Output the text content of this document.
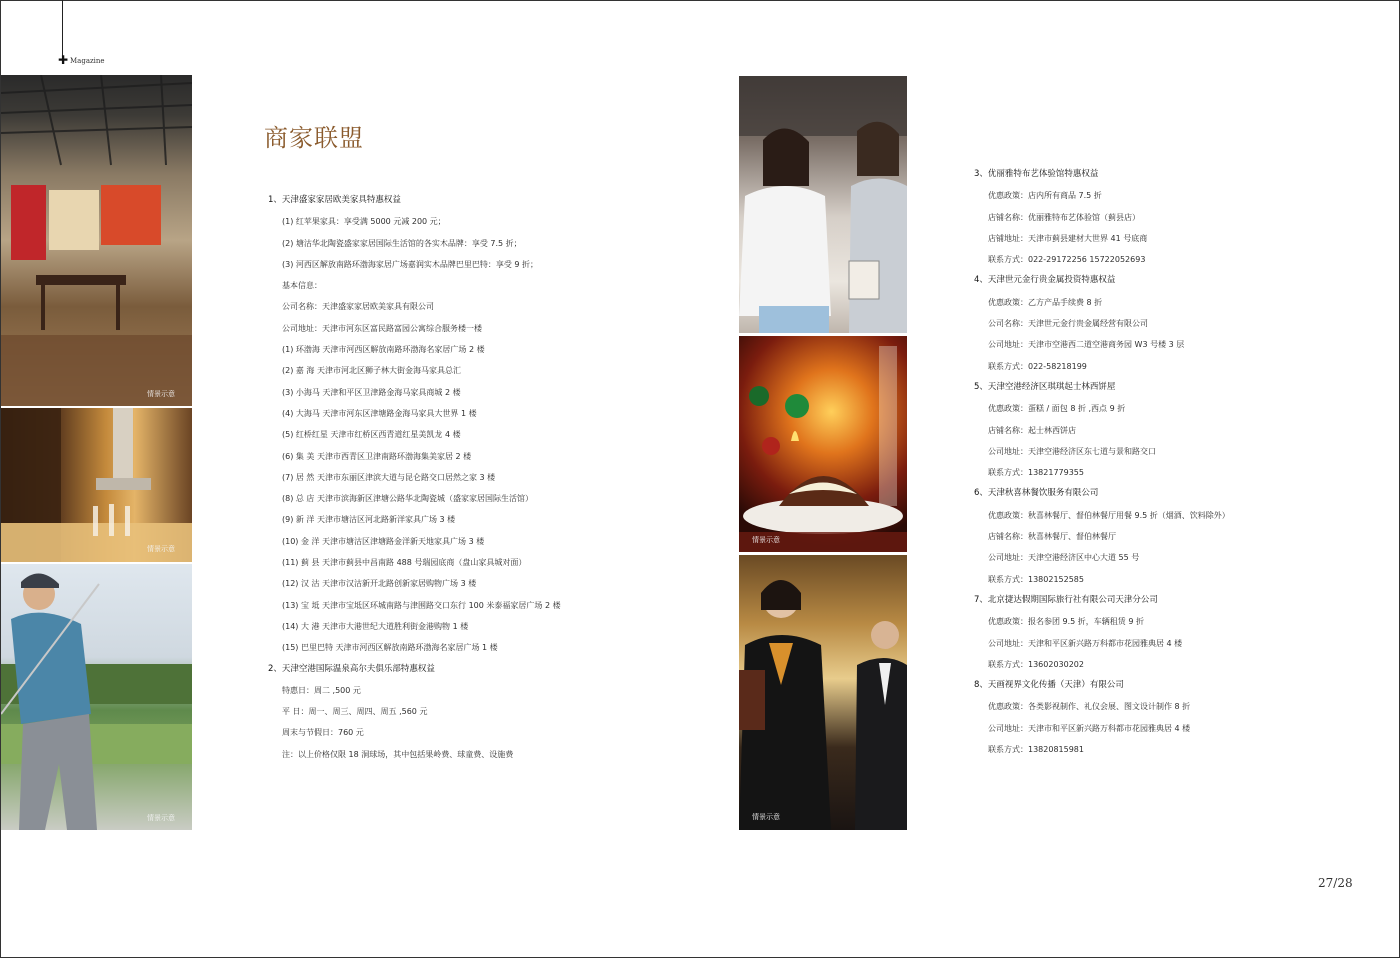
✚ Magazine
情景示意
情景示意
情景示意
情景示意
情景示意
商家联盟
1、天津盛家家居欧美家具特惠权益
(1) 红苹果家具：享受满 5000 元减 200 元；
(2) 塘沽华北陶瓷盛家家居国际生活馆的各实木品牌：享受 7.5 折；
(3) 河西区解放南路环渤海家居广场嘉润实木品牌巴里巴特：享受 9 折；
基本信息：
公司名称：天津盛家家居欧美家具有限公司
公司地址：天津市河东区富民路富园公寓综合服务楼一楼
(1) 环渤海 天津市河西区解放南路环渤海名家居广场 2 楼
(2) 嘉 海 天津市河北区狮子林大街金海马家具总汇
(3) 小海马 天津和平区卫津路金海马家具商城 2 楼
(4) 大海马 天津市河东区津塘路金海马家具大世界 1 楼
(5) 红桥红星 天津市红桥区西青道红星美凯龙 4 楼
(6) 集 美 天津市西青区卫津南路环渤海集美家居 2 楼
(7) 居 然 天津市东丽区津滨大道与昆仑路交口居然之家 3 楼
(8) 总 店 天津市滨海新区津塘公路华北陶瓷城（盛家家居国际生活馆）
(9) 新 洋 天津市塘沽区河北路新洋家具广场 3 楼
(10) 金 洋 天津市塘沽区津塘路金洋新天地家具广场 3 楼
(11) 蓟 县 天津市蓟县中昌南路 488 号瑞园底商（盘山家具城对面）
(12) 汉 沽 天津市汉沽新开北路创新家居购物广场 3 楼
(13) 宝 坻 天津市宝坻区环城南路与津围路交口东行 100 米泰福家居广场 2 楼
(14) 大 港 天津市大港世纪大道胜利街金港购物 1 楼
(15) 巴里巴特 天津市河西区解放南路环渤海名家居广场 1 楼
2、天津空港国际温泉高尔夫俱乐部特惠权益
特惠日：周二 ,500 元
平 日：周一、周三、周四、周五 ,560 元
周末与节假日：760 元
注：以上价格仅限 18 洞球场，其中包括果岭费、球童费、设施费
3、优丽雅特布艺体验馆特惠权益
优惠政策：店内所有商品 7.5 折
店铺名称：优丽雅特布艺体验馆（蓟县店）
店铺地址：天津市蓟县建材大世界 41 号底商
联系方式：022-29172256 15722052693
4、天津世元金行贵金属投资特惠权益
优惠政策：乙方产品手续费 8 折
公司名称：天津世元金行贵金属经营有限公司
公司地址：天津市空港西二道空港商务园 W3 号楼 3 层
联系方式：022-58218199
5、天津空港经济区琪琪起士林西饼屋
优惠政策：蛋糕 / 面包 8 折 ,西点 9 折
店铺名称：起士林西饼店
公司地址：天津空港经济区东七道与景和路交口
联系方式：13821779355
6、天津秋喜林餐饮服务有限公司
优惠政策：秋喜林餐厅、督伯林餐厅用餐 9.5 折（烟酒、饮料除外）
店铺名称：秋喜林餐厅、督伯林餐厅
公司地址：天津空港经济区中心大道 55 号
联系方式：13802152585
7、北京捷达假期国际旅行社有限公司天津分公司
优惠政策：报名参团 9.5 折，车辆租赁 9 折
公司地址：天津和平区新兴路万科都市花园雅典居 4 楼
联系方式：13602030202
8、天画视界文化传播（天津）有限公司
优惠政策：各类影视制作、礼仪会展、图文设计制作 8 折
公司地址：天津市和平区新兴路万科都市花园雅典居 4 楼
联系方式：13820815981
27/28
